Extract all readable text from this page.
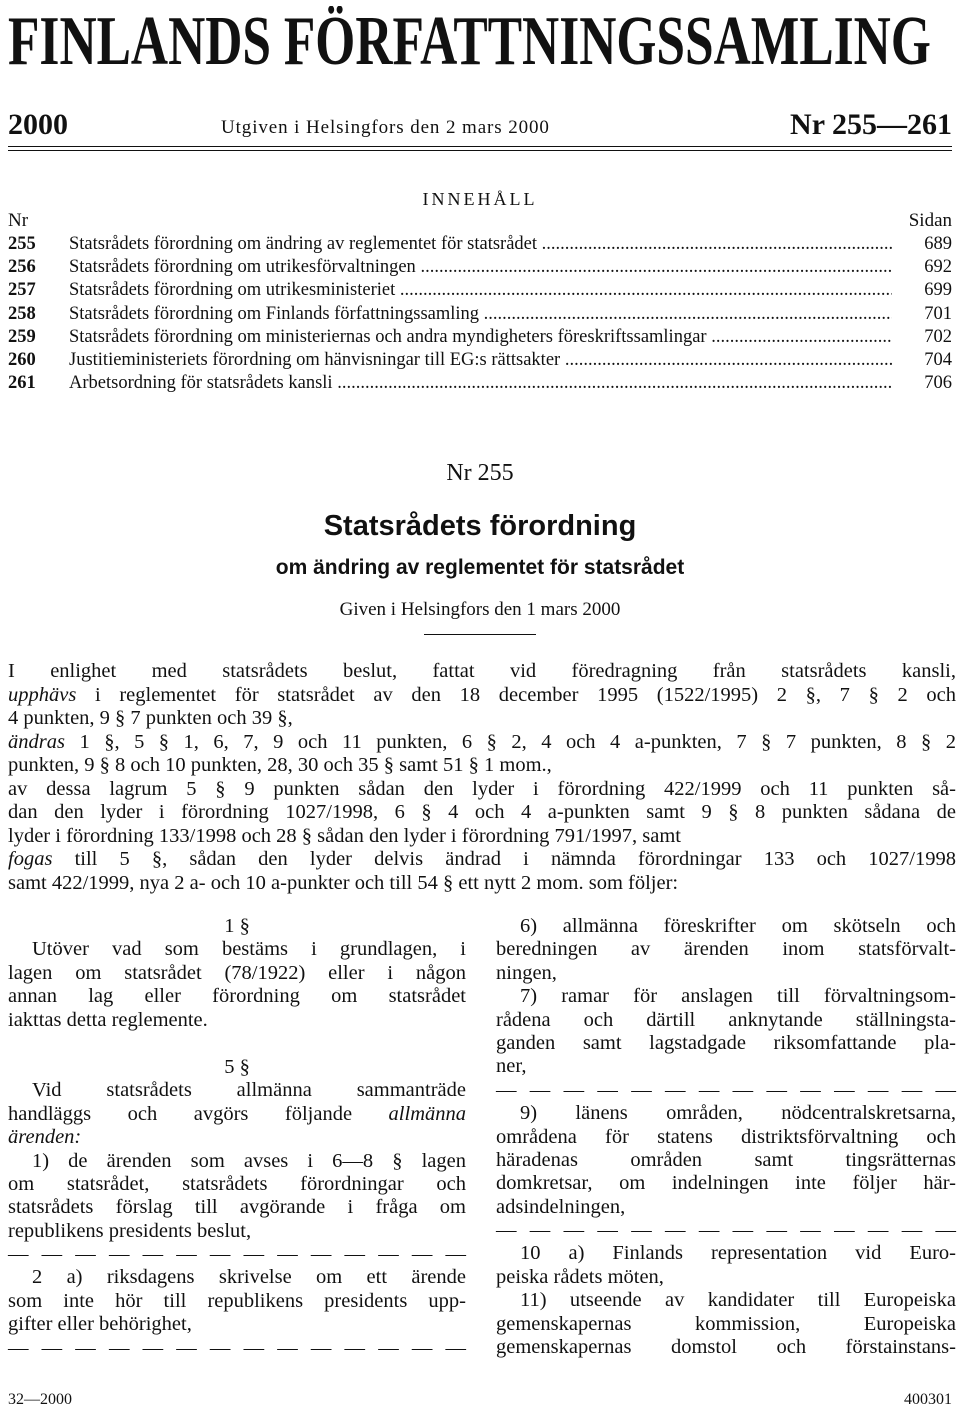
FINLANDS FÖRFATTNINGSSAMLING
2000	Utgiven i Helsingfors den 2 mars 2000	Nr 255—261
INNEHÅLL
Nr	Sidan
255	Statsrådets förordning om ändring av reglementet för statsrådet .....	689
256	Statsrådets förordning om utrikesförvaltningen .....	692
257	Statsrådets förordning om utrikesministeriet .....	699
258	Statsrådets förordning om Finlands författningssamling .....	701
259	Statsrådets förordning om ministeriernas och andra myndigheters föreskriftssamlingar .....	702
260	Justitieministeriets förordning om hänvisningar till EG:s rättsakter .....	704
261	Arbetsordning för statsrådets kansli .....	706
Nr 255
Statsrådets förordning
om ändring av reglementet för statsrådet
Given i Helsingfors den 1 mars 2000

I enlighet med statsrådets beslut, fattat vid föredragning från statsrådets kansli,

upphävs i reglementet för statsrådet av den 18 december 1995 (1522/1995) 2 §, 7 § 2 och

4 punkten, 9 § 7 punkten och 39 §,

ändras 1 §, 5 § 1, 6, 7, 9 och 11 punkten, 6 § 2, 4 och 4 a-punkten, 7 § 7 punkten, 8 § 2

punkten, 9 § 8 och 10 punkten, 28, 30 och 35 § samt 51 § 1 mom.,

av dessa lagrum 5 § 9 punkten sådan den lyder i förordning 422/1999 och 11 punkten så-

dan den lyder i förordning 1027/1998, 6 § 4 och 4 a-punkten samt 9 § 8 punkten sådana de

lyder i förordning 133/1998 och 28 § sådan den lyder i förordning 791/1997, samt

fogas till 5 §, sådan den lyder delvis ändrad i nämnda förordningar 133 och 1027/1998

samt 422/1999, nya 2 a- och 10 a-punkter och till 54 § ett nytt 2 mom. som följer:

1 §
Utöver vad som bestäms i grundlagen, i
lagen om statsrådet (78/1922) eller i någon
annan lag eller förordning om statsrådet
iakttas detta reglemente.
5 §
Vid statsrådets allmänna sammanträde
handläggs och avgörs följande allmänna
ärenden:
1) de ärenden som avses i 6—8 § lagen
om statsrådet, statsrådets förordningar och
statsrådets förslag till avgörande i fråga om
republikens presidents beslut,
— — — — — — — — — — — — — —
2 a) riksdagens skrivelse om ett ärende
som inte hör till republikens presidents upp-
gifter eller behörighet,
— — — — — — — — — — — — — —
6) allmänna föreskrifter om skötseln och
beredningen av ärenden inom statsförvalt-
ningen,
7) ramar för anslagen till förvaltningsom-
rådena och därtill anknytande ställningsta-
ganden samt lagstadgade riksomfattande pla-
ner,
— — — — — — — — — — — — — —
9) länens områden, nödcentralskretsarna,
områdena för statens distriktsförvaltning och
häradenas områden samt tingsrätternas
domkretsar, om indelningen inte följer här-
adsindelningen,
— — — — — — — — — — — — — —
10 a) Finlands representation vid Euro-
peiska rådets möten,
11) utseende av kandidater till Europeiska
gemenskapernas kommission, Europeiska
gemenskapernas domstol och förstainstans-
32—2000	400301
